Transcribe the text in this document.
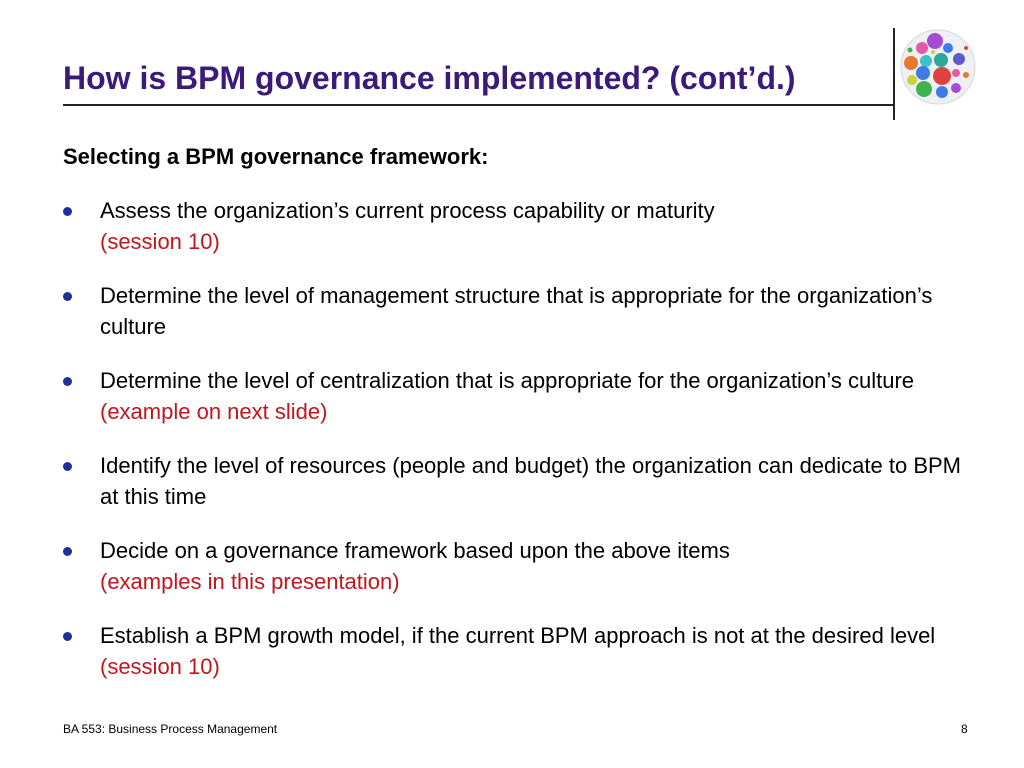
How is BPM governance implemented? (cont’d.)
Selecting a BPM governance framework:
Assess the organization’s current process capability or maturity
(session 10)
Determine the level of management structure that is appropriate for the organization’s culture
Determine the level of centralization that is appropriate for the organization’s culture (example on next slide)
Identify the level of resources (people and budget) the organization can dedicate to BPM at this time
Decide on a governance framework based upon the above items
(examples in this presentation)
Establish a BPM growth model, if the current BPM approach is not at the desired level (session 10)
BA 553: Business Process Management	8
